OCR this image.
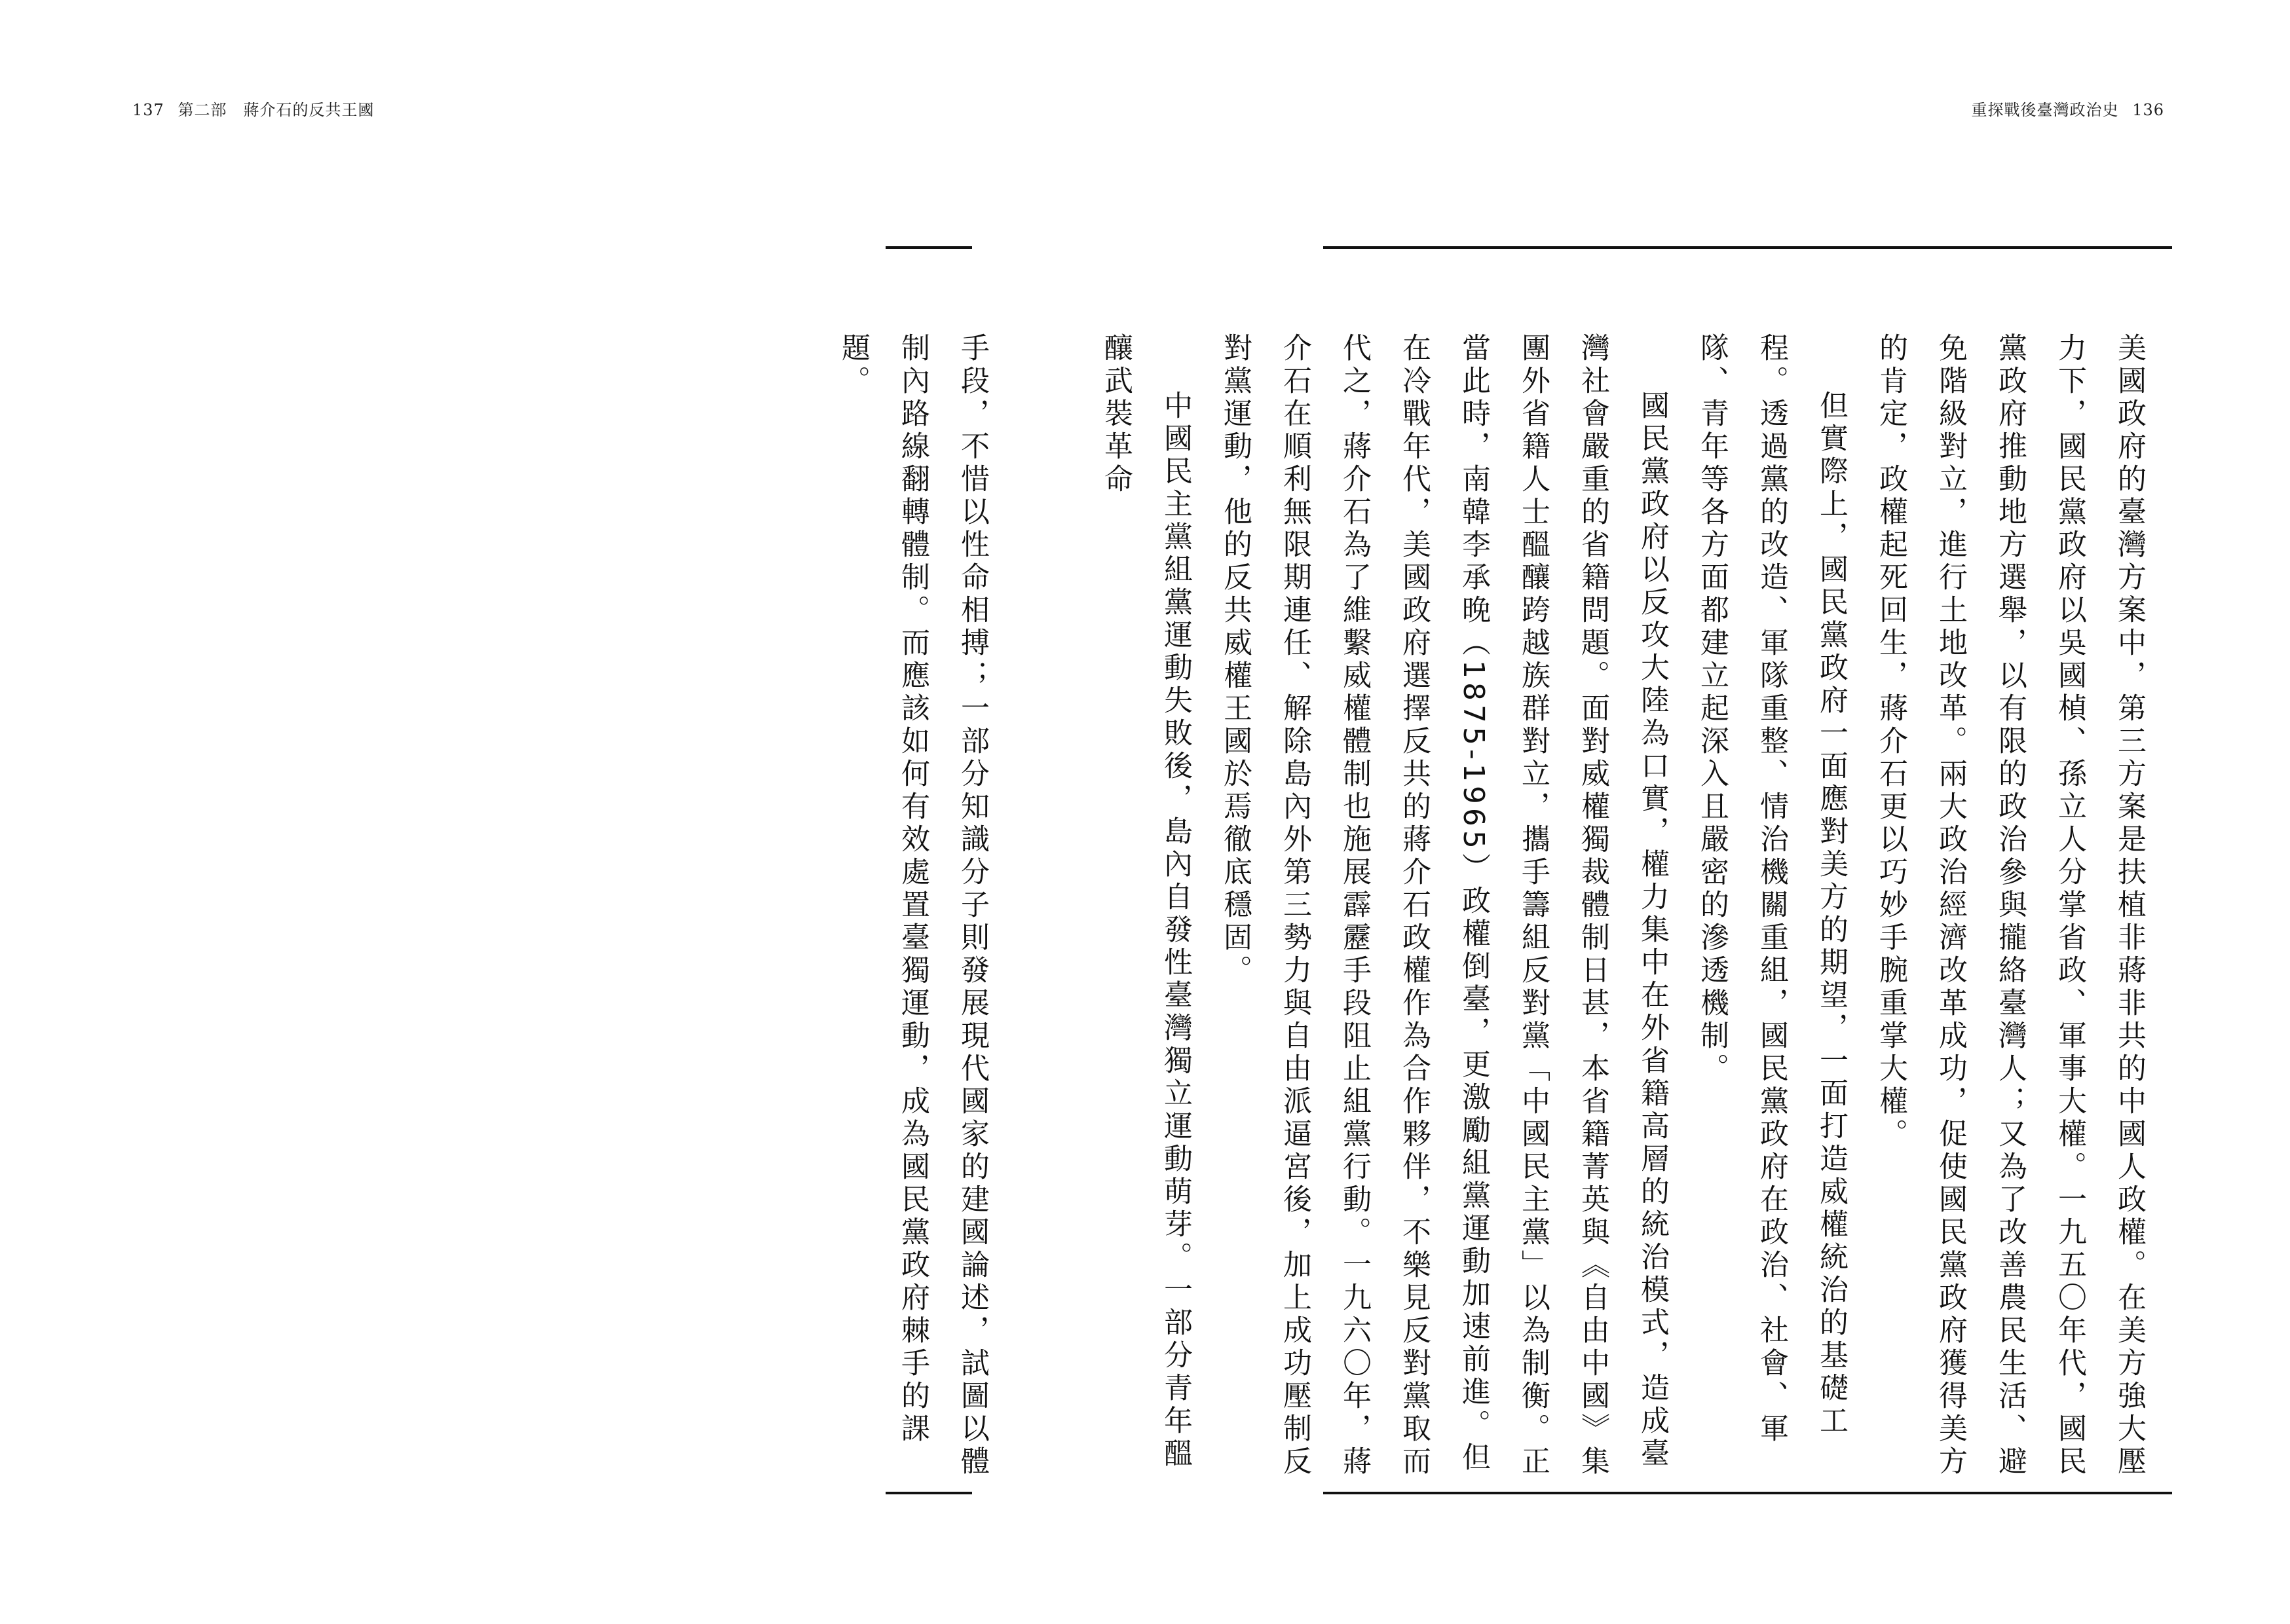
137 第二部　蔣介石的反共王國	重探戰後臺灣政治史 136

美國政府的臺灣方案中，第三方案是扶植非蔣非共的中國人政權。在美方強大壓力下，國民黨政府以吳國楨、孫立人分掌省政、軍事大權。一九五〇年代，國民黨政府推動地方選舉，以有限的政治參與攏絡臺灣人；又為了改善農民生活、避免階級對立，進行土地改革。兩大政治經濟改革成功，促使國民黨政府獲得美方的肯定，政權起死回生，蔣介石更以巧妙手腕重掌大權。

但實際上，國民黨政府一面應對美方的期望，一面打造威權統治的基礎工程。透過黨的改造、軍隊重整、情治機關重組，國民黨政府在政治、社會、軍隊、青年等各方面都建立起深入且嚴密的滲透機制。

國民黨政府以反攻大陸為口實，權力集中在外省籍高層的統治模式，造成臺灣社會嚴重的省籍問題。面對威權獨裁體制日甚，本省籍菁英與《自由中國》集團外省籍人士醞釀跨越族群對立，攜手籌組反對黨「中國民主黨」以為制衡。正當此時，南韓李承晚（1875-1965）政權倒臺，更激勵組黨運動加速前進。但在冷戰年代，美國政府選擇反共的蔣介石政權作為合作夥伴，不樂見反對黨取而代之，蔣介石為了維繫威權體制也施展霹靂手段阻止組黨行動。一九六〇年，蔣介石在順利無限期連任、解除島內外第三勢力與自由派逼宮後，加上成功壓制反對黨運動，他的反共威權王國於焉徹底穩固。

中國民主黨組黨運動失敗後，島內自發性臺灣獨立運動萌芽。一部分青年醞釀武裝革命

手段，不惜以性命相搏；一部分知識分子則發展現代國家的建國論述，試圖以體制內路線翻轉體制。而應該如何有效處置臺獨運動，成為國民黨政府棘手的課題。
